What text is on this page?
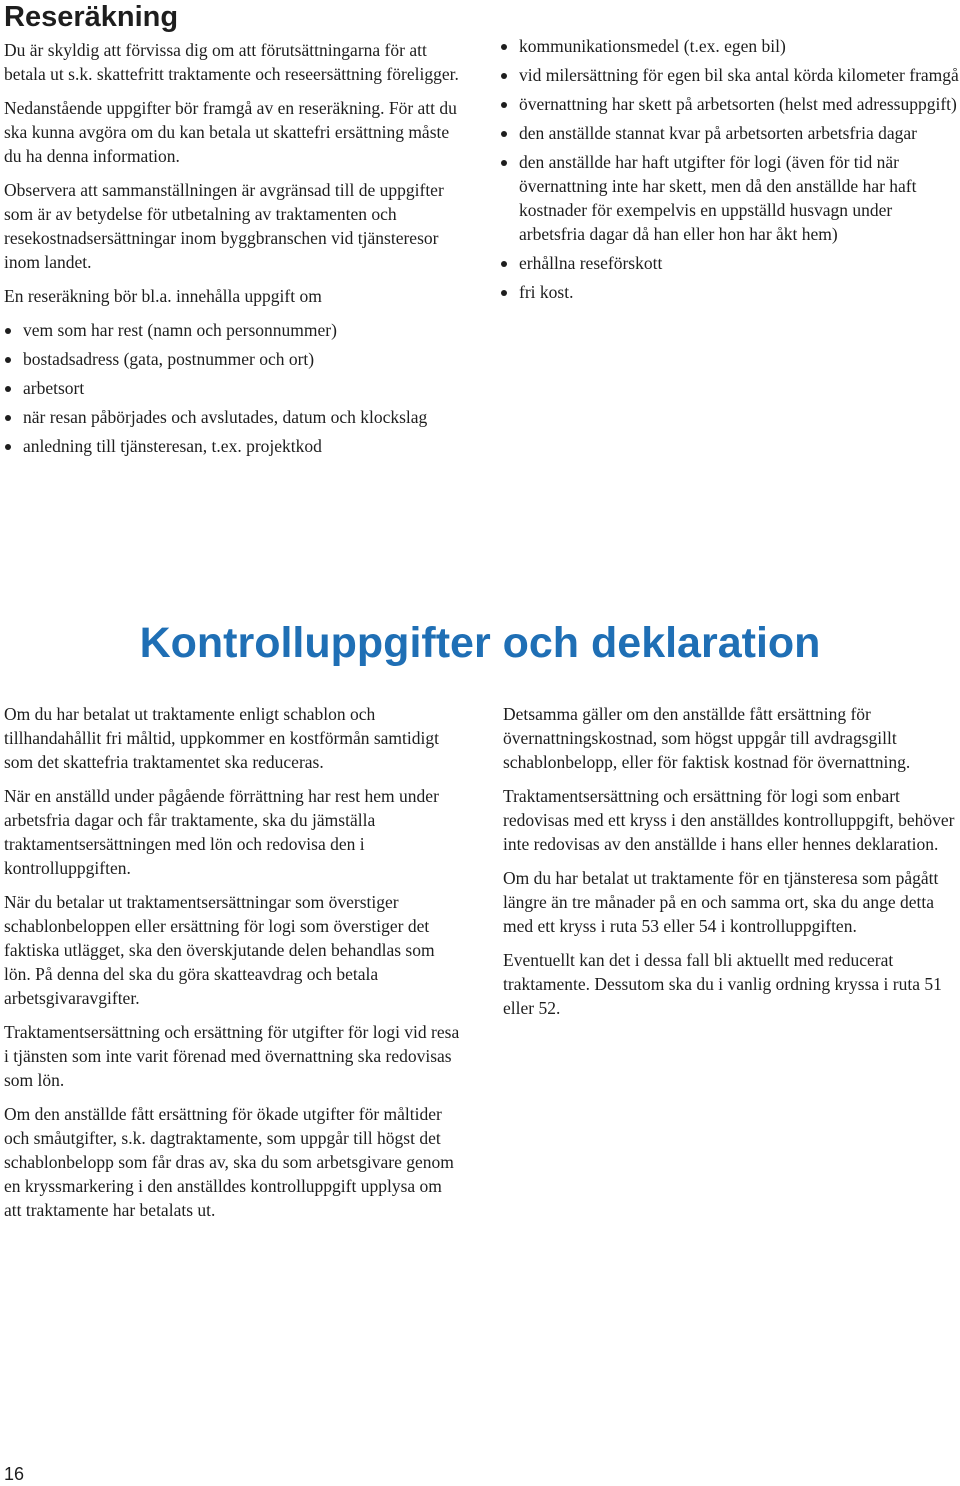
Reseräkning

Du är skyldig att förvissa dig om att förutsättningarna för att betala ut s.k. skattefritt traktamente och reseersättning föreligger.

Nedanstående uppgifter bör framgå av en reseräkning. För att du ska kunna avgöra om du kan betala ut skattefri ersättning måste du ha denna information.

Observera att sammanställningen är avgränsad till de uppgifter som är av betydelse för utbetalning av traktamenten och resekostnadsersättningar inom byggbranschen vid tjänsteresor inom landet.

En reseräkning bör bl.a. innehålla uppgift om

vem som har rest (namn och personnummer)
bostadsadress (gata, postnummer och ort)
arbetsort
när resan påbörjades och avslutades, datum och klockslag
anledning till tjänsteresan, t.ex. projektkod
kommunikationsmedel (t.ex. egen bil)
vid milersättning för egen bil ska antal körda kilometer framgå
övernattning har skett på arbetsorten (helst med adressuppgift)
den anställde stannat kvar på arbetsorten arbetsfria dagar
den anställde har haft utgifter för logi (även för tid när övernattning inte har skett, men då den anställde har haft kostnader för exempelvis en uppställd husvagn under arbetsfria dagar då han eller hon har åkt hem)
erhållna reseförskott
fri kost.
Kontrolluppgifter och deklaration

Om du har betalat ut traktamente enligt schablon och tillhandahållit fri måltid, uppkommer en kostförmån samtidigt som det skattefria traktamentet ska reduceras.

När en anställd under pågående förrättning har rest hem under arbetsfria dagar och får traktamente, ska du jämställa traktamentsersättningen med lön och redovisa den i kontrolluppgiften.

När du betalar ut traktamentsersättningar som överstiger schablonbeloppen eller ersättning för logi som överstiger det faktiska utlägget, ska den överskjutande delen behandlas som lön. På denna del ska du göra skatteavdrag och betala arbetsgivaravgifter.

Traktamentsersättning och ersättning för utgifter för logi vid resa i tjänsten som inte varit förenad med övernattning ska redovisas som lön.

Om den anställde fått ersättning för ökade utgifter för måltider och småutgifter, s.k. dagtraktamente, som uppgår till högst det schablonbelopp som får dras av, ska du som arbetsgivare genom en kryssmarkering i den anställdes kontrolluppgift upplysa om att traktamente har betalats ut.

Detsamma gäller om den anställde fått ersättning för övernattningskostnad, som högst uppgår till avdragsgillt schablonbelopp, eller för faktisk kostnad för övernattning.

Traktamentsersättning och ersättning för logi som enbart redovisas med ett kryss i den anställdes kontrolluppgift, behöver inte redovisas av den anställde i hans eller hennes deklaration.

Om du har betalat ut traktamente för en tjänsteresa som pågått längre än tre månader på en och samma ort, ska du ange detta med ett kryss i ruta 53 eller 54 i kontrolluppgiften.

Eventuellt kan det i dessa fall bli aktuellt med reducerat traktamente. Dessutom ska du i vanlig ordning kryssa i ruta 51 eller 52.

16
